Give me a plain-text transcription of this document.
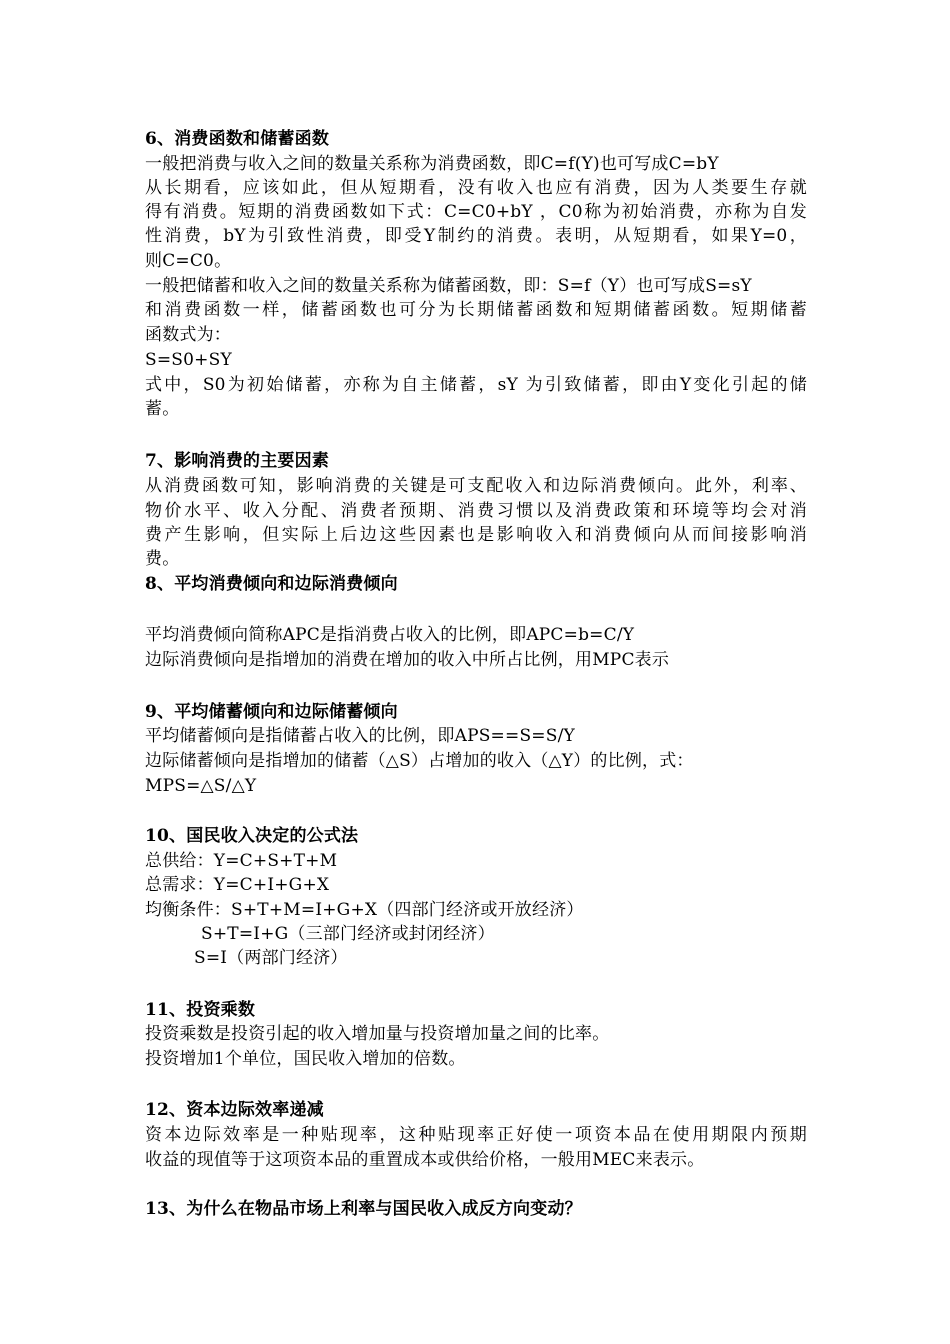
6、消费函数和储蓄函数
一般把消费与收入之间的数量关系称为消费函数，即C=f(Y)也可写成C=bY
从长期看，应该如此，但从短期看，没有收入也应有消费，因为人类要生存就
得有消费。短期的消费函数如下式：C=C0+bY ，C0称为初始消费，亦称为自发
性消费，bY为引致性消费，即受Y制约的消费。表明，从短期看，如果Y=0，
则C=C0。
一般把储蓄和收入之间的数量关系称为储蓄函数，即：S=f（Y）也可写成S=sY
和消费函数一样，储蓄函数也可分为长期储蓄函数和短期储蓄函数。短期储蓄
函数式为：
S=S0+SY
式中，S0为初始储蓄，亦称为自主储蓄，sY 为引致储蓄，即由Y变化引起的储
蓄。
7、影响消费的主要因素
从消费函数可知，影响消费的关键是可支配收入和边际消费倾向。此外，利率、
物价水平、收入分配、消费者预期、消费习惯以及消费政策和环境等均会对消
费产生影响，但实际上后边这些因素也是影响收入和消费倾向从而间接影响消
费。
8、平均消费倾向和边际消费倾向
平均消费倾向简称APC是指消费占收入的比例，即APC=b=C/Y
边际消费倾向是指增加的消费在增加的收入中所占比例，用MPC表示
9、平均储蓄倾向和边际储蓄倾向
平均储蓄倾向是指储蓄占收入的比例，即APS==S=S/Y
边际储蓄倾向是指增加的储蓄（△S）占增加的收入（△Y）的比例，式：
MPS=△S/△Y
10、国民收入决定的公式法
总供给：Y=C+S+T+M
总需求：Y=C+I+G+X
均衡条件：S+T+M=I+G+X（四部门经济或开放经济）
S+T=I+G（三部门经济或封闭经济）
S=I（两部门经济）
11、投资乘数
投资乘数是投资引起的收入增加量与投资增加量之间的比率。
投资增加1个单位，国民收入增加的倍数。
12、资本边际效率递减
资本边际效率是一种贴现率，这种贴现率正好使一项资本品在使用期限内预期
收益的现值等于这项资本品的重置成本或供给价格，一般用MEC来表示。
13、为什么在物品市场上利率与国民收入成反方向变动？
